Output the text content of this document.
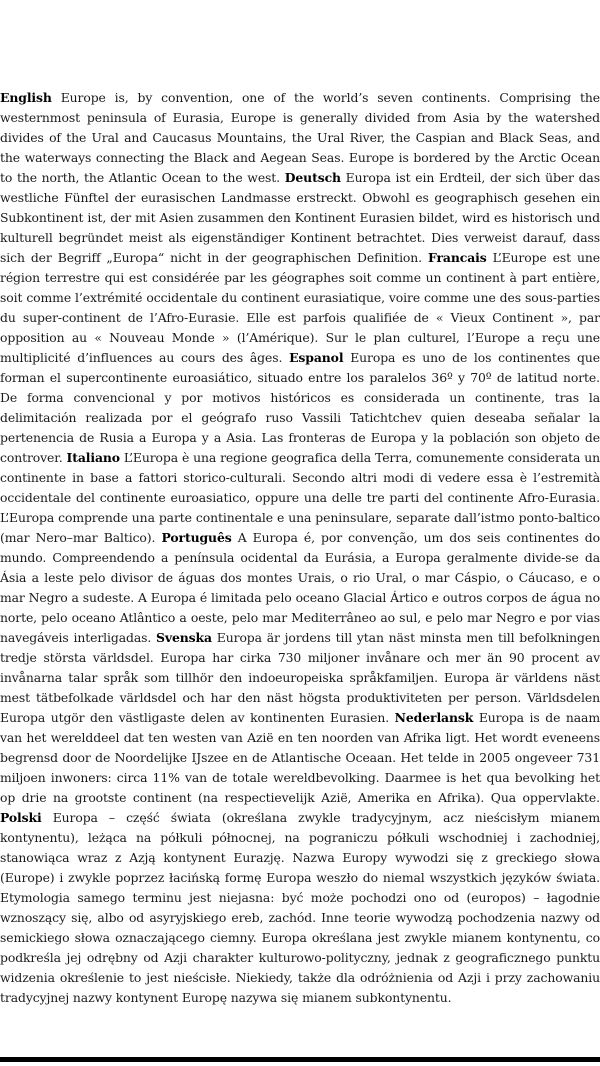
English Europe is, by convention, one of the world’s seven continents. Comprising the westernmost peninsula of Eurasia, Europe is generally divided from Asia by the watershed divides of the Ural and Caucasus Mountains, the Ural River, the Caspian and Black Seas, and the waterways connecting the Black and Aegean Seas. Europe is bordered by the Arctic Ocean to the north, the Atlantic Ocean to the west.

Deutsch Europa ist ein Erdteil, der sich über das westliche Fünftel der eurasischen Landmasse erstreckt. Obwohl es geographisch gesehen ein Subkontinent ist, der mit Asien zusammen den Kontinent Eurasien bildet, wird es historisch und kulturell begründet meist als eigenständiger Kontinent betrachtet. Dies verweist darauf, dass sich der Begriff „Europa“ nicht in der geographischen Definition.

Francais L’Europe est une région terrestre qui est considérée par les géographes soit comme un continent à part entière, soit comme l’extrémité occidentale du continent eurasiatique, voire comme une des sous-parties du super-continent de l’Afro-Eurasie. Elle est parfois qualifiée de « Vieux Continent », par opposition au « Nouveau Monde » (l’Amérique). Sur le plan culturel, l’Europe a reçu une multiplicité d’influences au cours des âges.

Espanol Europa es uno de los continentes que forman el supercontinente euroasiático, situado entre los paralelos 36º y 70º de latitud norte. De forma convencional y por motivos históricos es considerada un continente, tras la delimitación realizada por el geógrafo ruso Vassili Tatichtchev quien deseaba señalar la pertenencia de Rusia a Europa y a Asia. Las fronteras de Europa y la población son objeto de controver.

Italiano L’Europa è una regione geografica della Terra, comunemente considerata un continente in base a fattori storico-culturali. Secondo altri modi di vedere essa è l’estremità occidentale del continente euroasiatico, oppure una delle tre parti del continente Afro-Eurasia. L’Europa comprende una parte continentale e una peninsulare, separate dall’istmo ponto-baltico (mar Nero–mar Baltico).

Português A Europa é, por convenção, um dos seis continentes do mundo. Compreendendo a península ocidental da Eurásia, a Europa geralmente divide-se da Ásia a leste pelo divisor de águas dos montes Urais, o rio Ural, o mar Cáspio, o Cáucaso, e o mar Negro a sudeste. A Europa é limitada pelo oceano Glacial Ártico e outros corpos de água no norte, pelo oceano Atlântico a oeste, pelo mar Mediterrâneo ao sul, e pelo mar Negro e por vias navegáveis interligadas.

Svenska Europa är jordens till ytan näst minsta men till befolkningen tredje största världsdel. Europa har cirka 730 miljoner invånare och mer än 90 procent av invånarna talar språk som tillhör den indoeuropeiska språkfamiljen. Europa är världens näst mest tätbefolkade världsdel och har den näst högsta produktiviteten per person. Världsdelen Europa utgör den västligaste delen av kontinenten Eurasien.

Nederlansk Europa is de naam van het werelddeel dat ten westen van Azië en ten noorden van Afrika ligt. Het wordt eveneens begrensd door de Noordelijke IJszee en de Atlantische Oceaan. Het telde in 2005 ongeveer 731 miljoen inwoners: circa 11% van de totale wereldbevolking. Daarmee is het qua bevolking het op drie na grootste continent (na respectievelijk Azië, Amerika en Afrika). Qua oppervlakte.

Polski Europa – część świata (określana zwykle tradycyjnym, acz nieścisłym mianem kontynentu), leżąca na półkuli północnej, na pograniczu półkuli wschodniej i zachodniej, stanowiąca wraz z Azją kontynent Eurazję. Nazwa Europy wywodzi się z greckiego słowa (Europe) i zwykle poprzez łacińską formę Europa weszło do niemal wszystkich języków świata. Etymologia samego terminu jest niejasna: być może pochodzi ono od (europos) – łagodnie wznoszący się, albo od asyryjskiego ereb, zachód. Inne teorie wywodzą pochodzenia nazwy od semickiego słowa oznaczającego ciemny. Europa określana jest zwykle mianem kontynentu, co podkreśla jej odrębny od Azji charakter kulturowo-polityczny, jednak z geograficznego punktu widzenia określenie to jest nieścisłe. Niekiedy, także dla odróżnienia od Azji i przy zachowaniu tradycyjnej nazwy kontynent Europę nazywa się mianem subkontynentu.
